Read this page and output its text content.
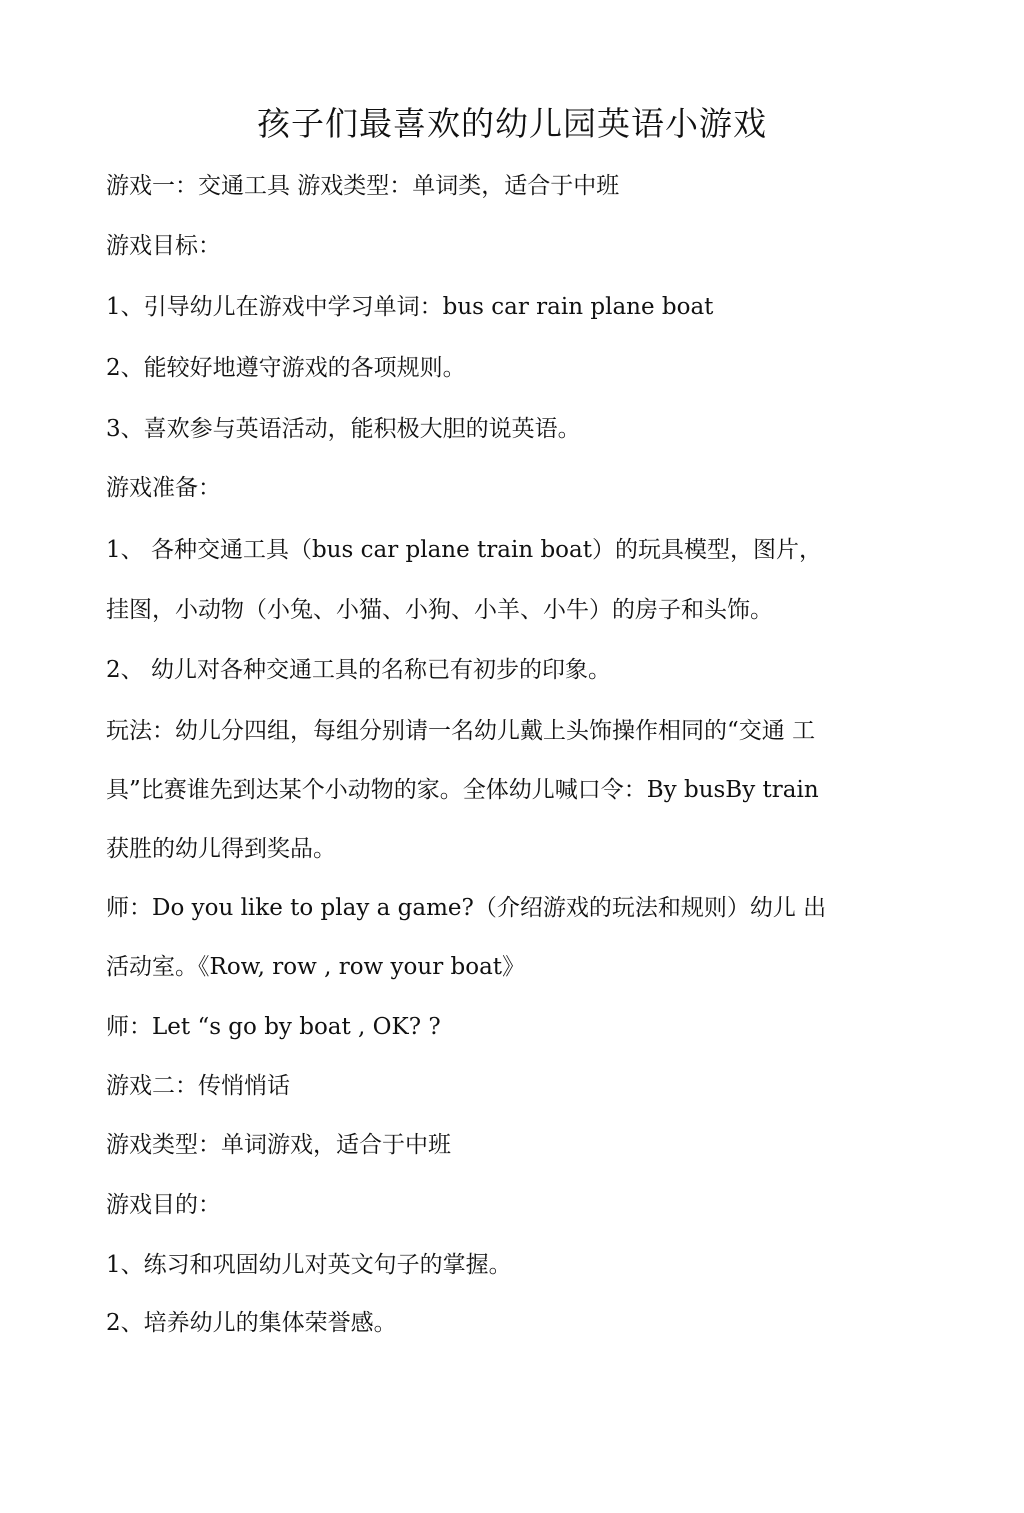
孩子们最喜欢的幼儿园英语小游戏
游戏一：交通工具 游戏类型：单词类，适合于中班
游戏目标：
1、引导幼儿在游戏中学习单词：bus car rain plane boat
2、能较好地遵守游戏的各项规则。
3、喜欢参与英语活动，能积极大胆的说英语。
游戏准备：
1、 各种交通工具（bus car plane train boat）的玩具模型，图片，
挂图，小动物（小兔、小猫、小狗、小羊、小牛）的房子和头饰。
2、 幼儿对各种交通工具的名称已有初步的印象。
玩法：幼儿分四组，每组分别请一名幼儿戴上头饰操作相同的“交通 工
具”比赛谁先到达某个小动物的家。全体幼儿喊口令：By busBy train
获胜的幼儿得到奖品。
师：Do you like to play a game?（介绍游戏的玩法和规则）幼儿 出
活动室。《Row, row , row your boat》
师：Let “s go by boat , OK? ?
游戏二：传悄悄话
游戏类型：单词游戏，适合于中班
游戏目的：
1、练习和巩固幼儿对英文句子的掌握。
2、培养幼儿的集体荣誉感。
